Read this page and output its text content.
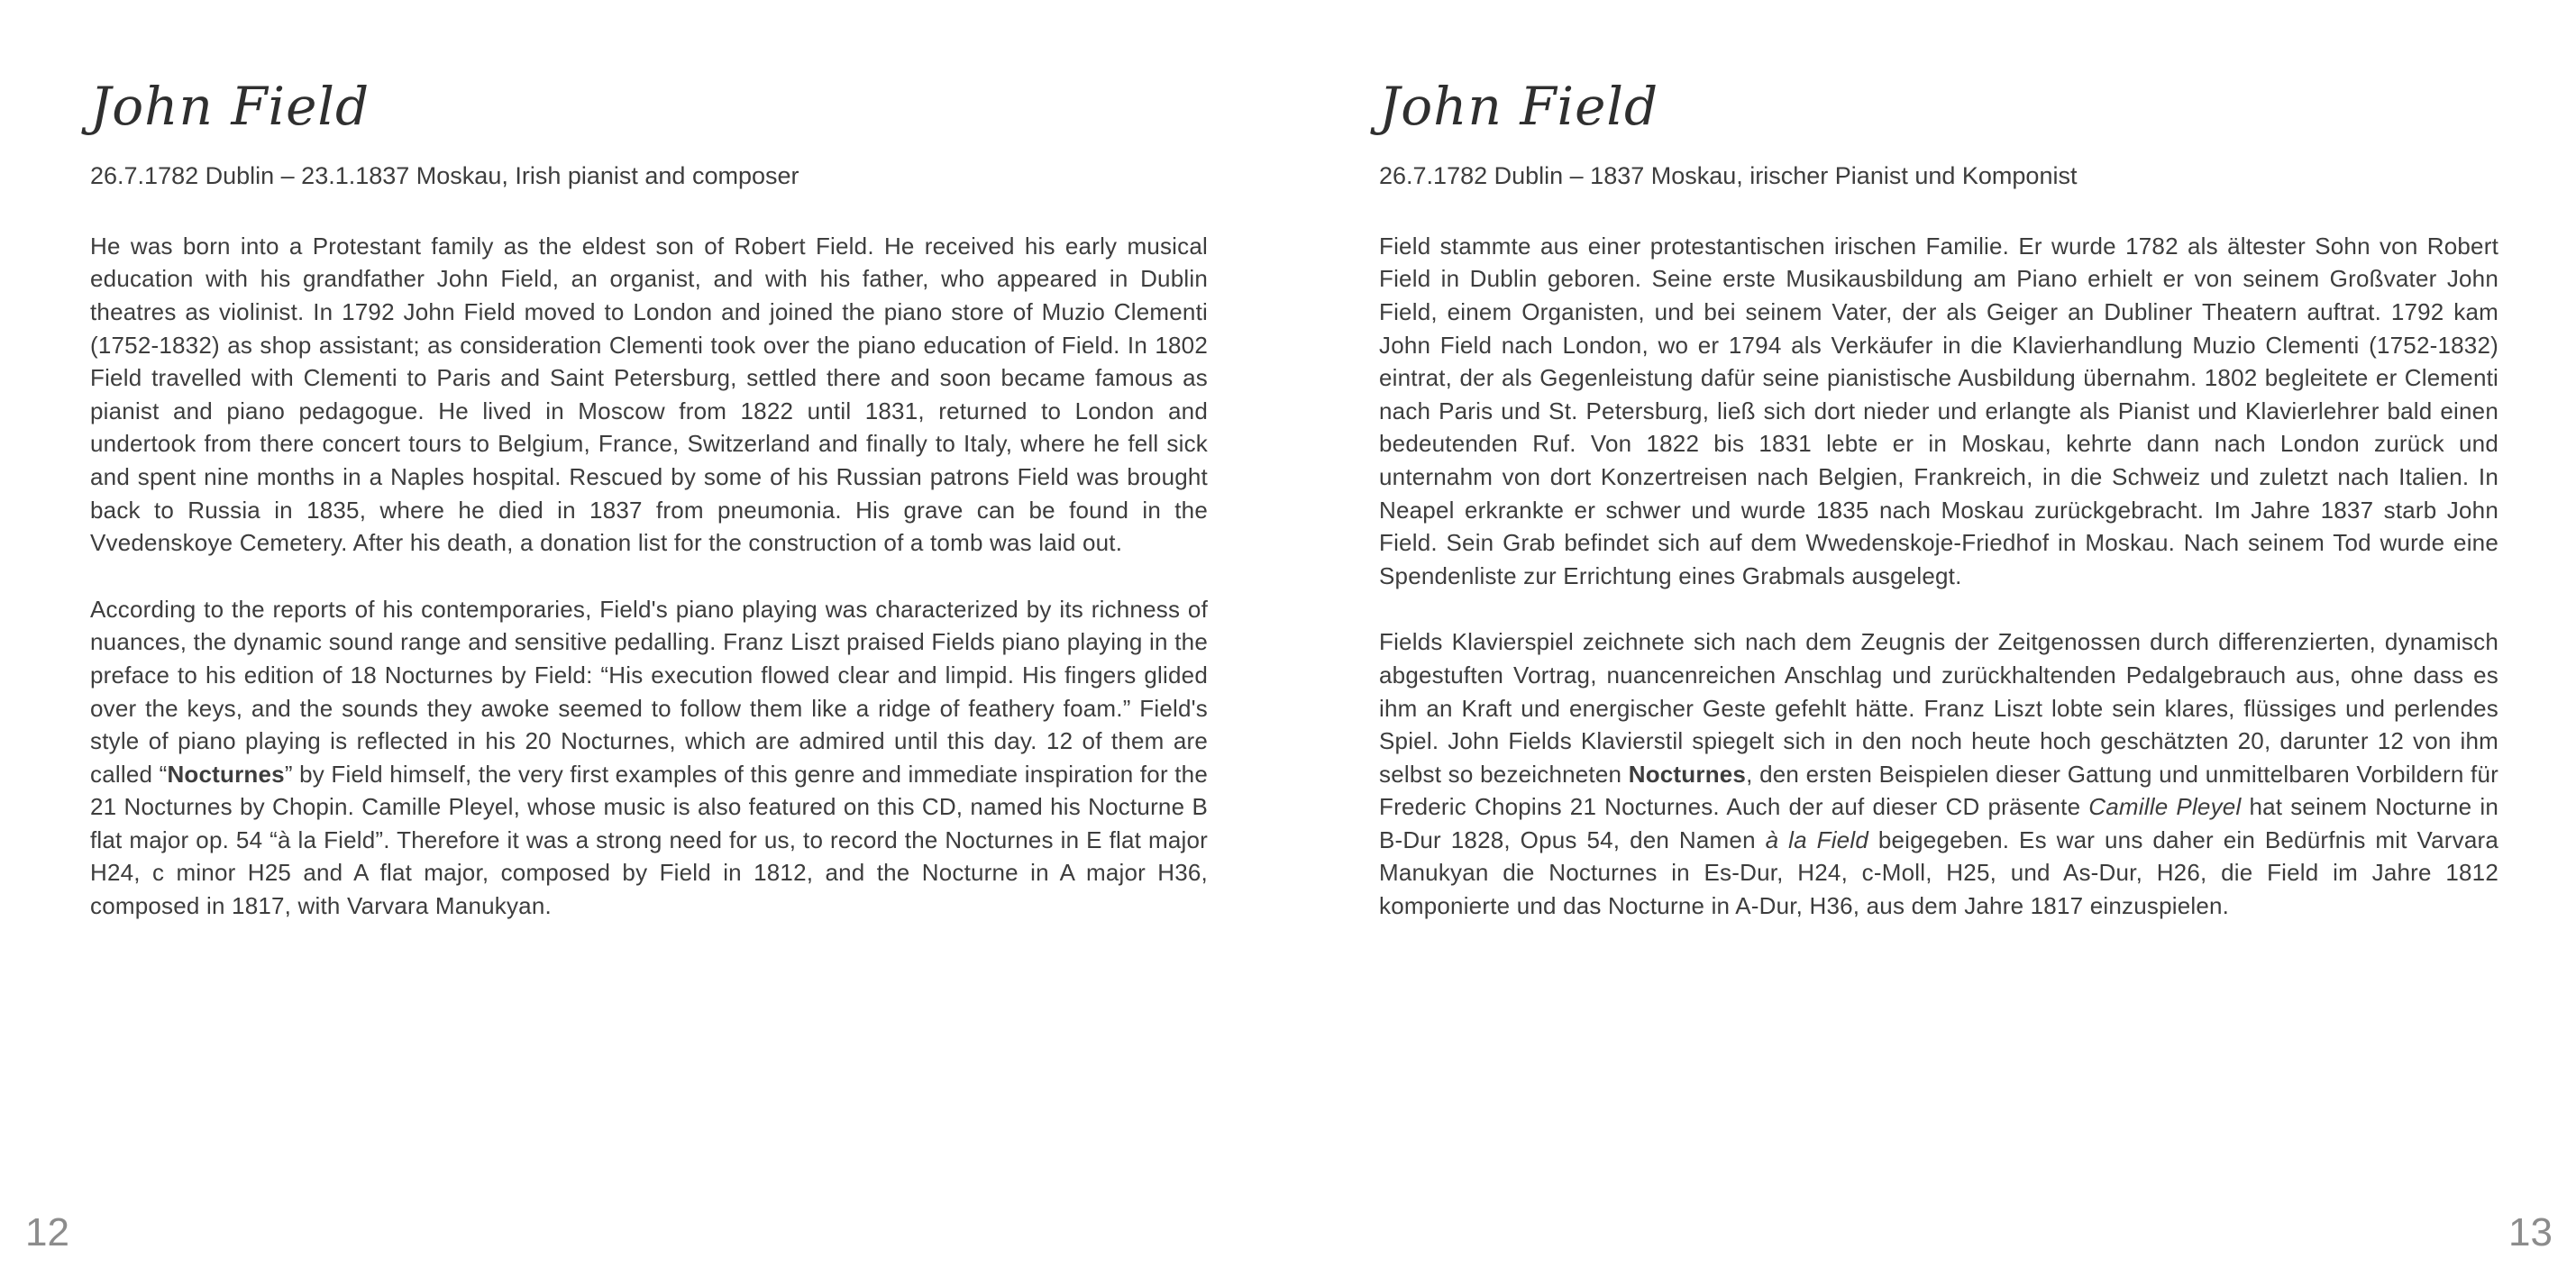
John Field

26.7.1782 Dublin – 23.1.1837 Moskau, Irish pianist and composer

He was born into a Protestant family as the eldest son of Robert Field. He received his early musical education with his grandfather John Field, an organist, and with his father, who appeared in Dublin theatres as violinist. In 1792 John Field moved to London and joined the piano store of Muzio Clementi (1752-1832) as shop assistant; as consideration Clementi took over the piano education of Field. In 1802 Field travelled with Clementi to Paris and Saint Petersburg, settled there and soon became famous as pianist and piano pedagogue. He lived in Moscow from 1822 until 1831, returned to London and undertook from there concert tours to Belgium, France, Switzerland and finally to Italy, where he fell sick and spent nine months in a Naples hospital. Rescued by some of his Russian patrons Field was brought back to Russia in 1835, where he died in 1837 from pneumonia. His grave can be found in the Vvedenskoye Cemetery. After his death, a donation list for the construction of a tomb was laid out.

According to the reports of his contemporaries, Field's piano playing was characterized by its richness of nuances, the dynamic sound range and sensitive pedalling. Franz Liszt praised Fields piano playing in the preface to his edition of 18 Nocturnes by Field: “His execution flowed clear and limpid. His fingers glided over the keys, and the sounds they awoke seemed to follow them like a ridge of feathery foam.” Field's style of piano playing is reflected in his 20 Nocturnes, which are admired until this day. 12 of them are called “Nocturnes” by Field himself, the very first examples of this genre and immediate inspiration for the 21 Nocturnes by Chopin. Camille Pleyel, whose music is also featured on this CD, named his Nocturne B flat major op. 54 “à la Field”. Therefore it was a strong need for us, to record the Nocturnes in E flat major H24, c minor H25 and A flat major, composed by Field in 1812, and the Nocturne in A major H36, composed in 1817, with Varvara Manukyan.

John Field

26.7.1782 Dublin – 1837 Moskau, irischer Pianist und Komponist

Field stammte aus einer protestantischen irischen Familie. Er wurde 1782 als ältester Sohn von Robert Field in Dublin geboren. Seine erste Musikausbildung am Piano erhielt er von seinem Großvater John Field, einem Organisten, und bei seinem Vater, der als Geiger an Dubliner Theatern auftrat. 1792 kam John Field nach London, wo er 1794 als Verkäufer in die Klavierhandlung Muzio Clementi (1752-1832) eintrat, der als Gegenleistung dafür seine pianistische Ausbildung übernahm. 1802 begleitete er Clementi nach Paris und St. Petersburg, ließ sich dort nieder und erlangte als Pianist und Klavierlehrer bald einen bedeutenden Ruf. Von 1822 bis 1831 lebte er in Moskau, kehrte dann nach London zurück und unternahm von dort Konzertreisen nach Belgien, Frankreich, in die Schweiz und zuletzt nach Italien. In Neapel erkrankte er schwer und wurde 1835 nach Moskau zurückgebracht. Im Jahre 1837 starb John Field. Sein Grab befindet sich auf dem Wwedenskoje-Friedhof in Moskau. Nach seinem Tod wurde eine Spendenliste zur Errichtung eines Grabmals ausgelegt.

Fields Klavierspiel zeichnete sich nach dem Zeugnis der Zeitgenossen durch differenzierten, dynamisch abgestuften Vortrag, nuancenreichen Anschlag und zurückhaltenden Pedalgebrauch aus, ohne dass es ihm an Kraft und energischer Geste gefehlt hätte. Franz Liszt lobte sein klares, flüssiges und perlendes Spiel. John Fields Klavierstil spiegelt sich in den noch heute hoch geschätzten 20, darunter 12 von ihm selbst so bezeichneten Nocturnes, den ersten Beispielen dieser Gattung und unmittelbaren Vorbildern für Frederic Chopins 21 Nocturnes. Auch der auf dieser CD präsente Camille Pleyel hat seinem Nocturne in B-Dur 1828, Opus 54, den Namen à la Field beigegeben. Es war uns daher ein Bedürfnis mit Varvara Manukyan die Nocturnes in Es-Dur, H24, c-Moll, H25, und As-Dur, H26, die Field im Jahre 1812 komponierte und das Nocturne in A-Dur, H36, aus dem Jahre 1817 einzuspielen.

12	13
